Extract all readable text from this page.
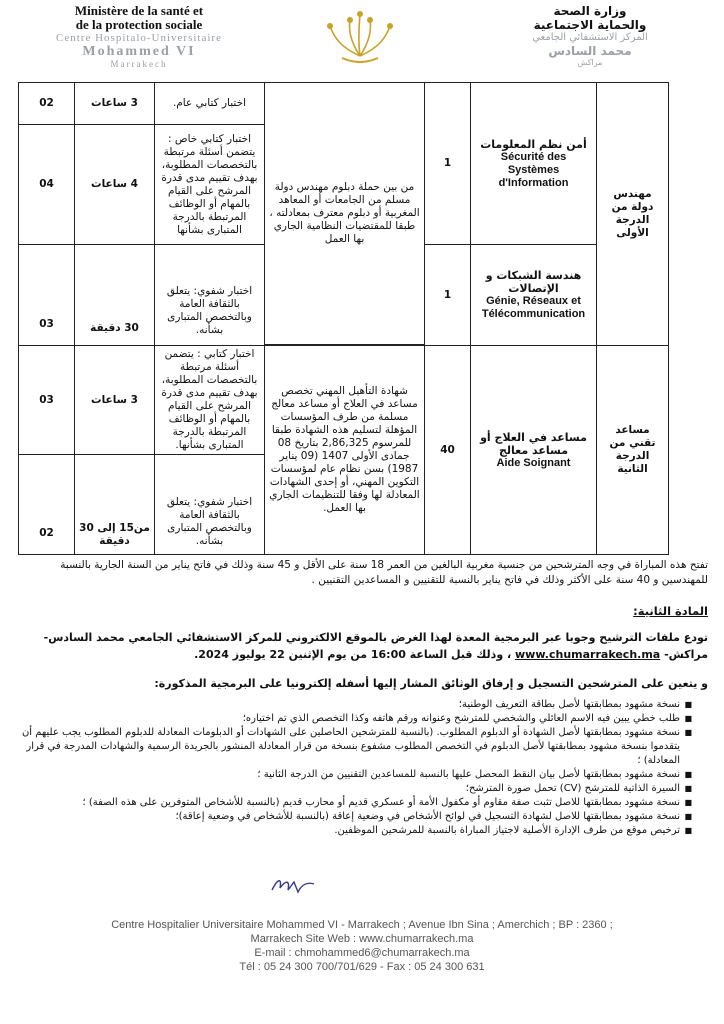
Ministère de la santé et
de la protection sociale
Centre Hospitalo-Universitaire
Mohammed VI
Marrakech
وزارة الصحة
والحماية الاجتماعية
المركز الاستشفائي الجامعي
محمد السادس
مراكش
02	3 ساعات	اختبار كتابي عام.	من بين حملة دبلوم مهندس دولة مسلم من الجامعات أو المعاهد المغربية أو دبلوم معترف بمعادلته ، طبقا للمقتضيات النظامية الجاري بها العمل	1	أمن نظم المعلومات
Sécurité des Systèmes d'Information	مهندس دولة من الدرجة الأولى
04	4 ساعات	اختبار كتابي خاص : يتضمن أسئلة مرتبطة بالتخصصات المطلوبة، بهدف تقييم مدى قدرة المرشح على القيام بالمهام أو الوظائف المرتبطة بالدرجة المتبارى بشأنها				
03	30 دقيقة	اختبار شفوي: يتعلق بالثقافة العامة وبالتخصص المتبارى بشأنه.		1	هندسة الشبكات و الإتصالات
Génie, Réseaux et Télécommunication	

03	3 ساعات	اختبار كتابي : يتضمن أسئلة مرتبطة بالتخصصات المطلوبة، بهدف تقييم مدى قدرة المرشح على القيام بالمهام أو الوظائف المرتبطة بالدرجة المتبارى بشأنها.	شهادة التأهيل المهني تخصص مساعد في العلاج أو مساعد معالج مسلمة من طرف المؤسسات المؤهلة لتسليم هذه الشهادة طبقا للمرسوم 2,86,325 بتاريخ 08 جمادى الأولى 1407 (09 يناير 1987) بسن نظام عام لمؤسسات التكوين المهني، أو إحدى الشهادات المعادلة لها وفقا للتنظيمات الجاري بها العمل.	40	مساعد في العلاج أو مساعد معالج
Aide Soignant	مساعد تقني من الدرجة الثانية
02	من15 إلى 30 دقيقة	اختبار شفوي: يتعلق بالثقافة العامة وبالتخصص المتبارى بشأنه.				
تفتح هذه المباراة في وجه المترشحين من جنسية مغربية البالغين من العمر 18 سنة على الأقل و 45 سنة وذلك في فاتح يناير من السنة الجارية بالنسبة للمهندسين و 40 سنة على الأكثر وذلك في فاتح يناير بالنسبة للتقنيين و المساعدين التقنيين .
المادة الثانية:
تودع ملفات الترشيح وجوبا عبر البرمجية المعدة لهذا الغرض بالموقع الالكتروني للمركز الاستشفائي الجامعي محمد السادس-مراكش- www.chumarrakech.ma ، وذلك قبل الساعة 16:00 من يوم الإثنين 22 يوليوز 2024.
و يتعين على المترشحين التسجيل و إرفاق الوثائق المشار إليها أسفله إلكترونيا على البرمجية المذكورة:
■
نسخة مشهود بمطابقتها لأصل بطاقة التعريف الوطنية؛
■
طلب خطي يبين فيه الاسم العائلي والشخصي للمترشح وعنوانه ورقم هاتفه وكذا التخصص الذي تم اختياره؛
■
نسخة مشهود بمطابقتها لأصل الشهادة أو الدبلوم المطلوب. (بالنسبة للمترشحين الحاصلين على الشهادات أو الدبلومات المعادلة للدبلوم المطلوب يجب عليهم أن يتقدموا بنسخة مشهود بمطابقتها لأصل الدبلوم في التخصص المطلوب مشفوع بنسخة من قرار المعادلة المنشور بالجريدة الرسمية والشهادات المدرجة في قرار المعادلة) ؛
■
نسخة مشهود بمطابقتها لأصل بيان النقط المحصل عليها بالنسبة للمساعدين التقنيين من الدرجة الثانية ؛
■
السيرة الذاتية للمترشح (CV) تحمل صورة المترشح؛
■
نسخة مشهود بمطابقتها للاصل تثبت صفة مقاوم أو مكفول الأمة أو عسكري قديم أو محارب قديم (بالنسبة للأشخاص المتوفرين على هذه الصفة) ؛
■
نسخة مشهود بمطابقتها للاصل لشهادة التسجيل في لوائح الأشخاص في وضعية إعاقة (بالنسبة للأشخاص في وضعية إعاقة)؛
■
ترخيص موقع من طرف الإدارة الأصلية لاجتياز المباراة بالنسبة للمرشحين الموظفين.
Centre Hospitalier Universitaire Mohammed VI - Marrakech ; Avenue Ibn Sina ; Amerchich ; BP : 2360 ;
Marrakech Site Web : www.chumarrakech.ma
E-mail : chmohammed6@chumarrakech.ma
Tél : 05 24 300 700/701/629 - Fax : 05 24 300 631
